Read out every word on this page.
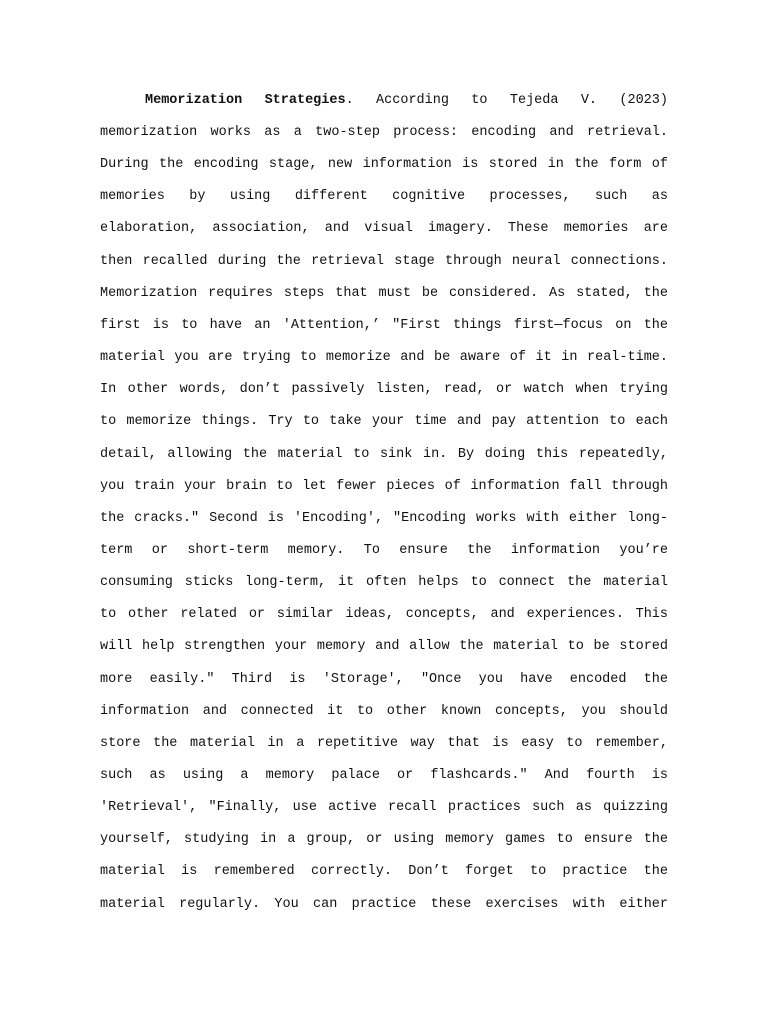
Memorization Strategies. According to Tejeda V. (2023)
memorization works as a two-step process: encoding and retrieval.
During the encoding stage, new information is stored in the form of
memories by using different cognitive processes, such as
elaboration, association, and visual imagery. These memories are
then recalled during the retrieval stage through neural connections.
Memorization requires steps that must be considered. As stated, the
first is to have an 'Attention,’ "First things first—focus on the
material you are trying to memorize and be aware of it in real-time.
In other words, don’t passively listen, read, or watch when trying
to memorize things. Try to take your time and pay attention to each
detail, allowing the material to sink in. By doing this repeatedly,
you train your brain to let fewer pieces of information fall through
the cracks." Second is 'Encoding', "Encoding works with either long-
term or short-term memory. To ensure the information you’re
consuming sticks long-term, it often helps to connect the material
to other related or similar ideas, concepts, and experiences. This
will help strengthen your memory and allow the material to be stored
more easily." Third is 'Storage', "Once you have encoded the
information and connected it to other known concepts, you should
store the material in a repetitive way that is easy to remember,
such as using a memory palace or flashcards." And fourth is
'Retrieval', "Finally, use active recall practices such as quizzing
yourself, studying in a group, or using memory games to ensure the
material is remembered correctly. Don’t forget to practice the
material regularly. You can practice these exercises with either
